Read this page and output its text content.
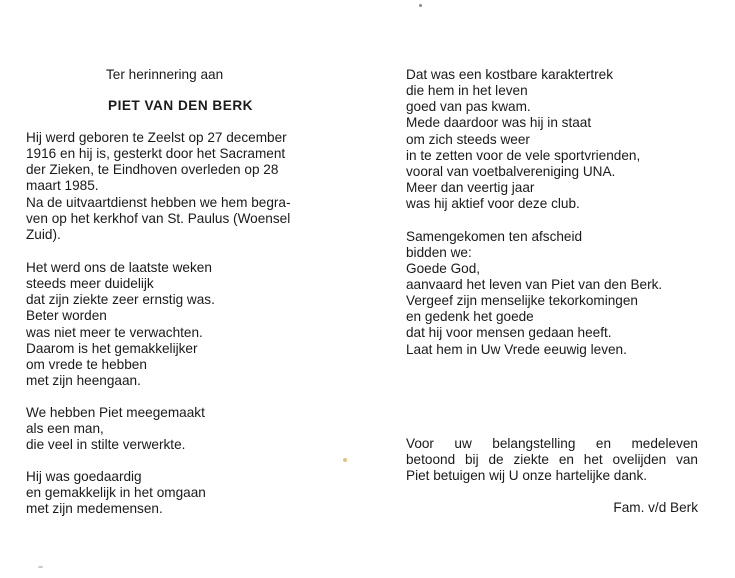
Ter herinnering aan
PIET VAN DEN BERK
Hij werd geboren te Zeelst op 27 december
1916 en hij is, gesterkt door het Sacrament
der Zieken, te Eindhoven overleden op 28
maart 1985.
Na de uitvaartdienst hebben we hem begra-
ven op het kerkhof van St. Paulus (Woensel
Zuid).
Het werd ons de laatste weken
steeds meer duidelijk
dat zijn ziekte zeer ernstig was.
Beter worden
was niet meer te verwachten.
Daarom is het gemakkelijker
om vrede te hebben
met zijn heengaan.
We hebben Piet meegemaakt
als een man,
die veel in stilte verwerkte.
Hij was goedaardig
en gemakkelijk in het omgaan
met zijn medemensen.
Dat was een kostbare karaktertrek
die hem in het leven
goed van pas kwam.
Mede daardoor was hij in staat
om zich steeds weer
in te zetten voor de vele sportvrienden,
vooral van voetbalvereniging UNA.
Meer dan veertig jaar
was hij aktief voor deze club.
Samengekomen ten afscheid
bidden we:
Goede God,
aanvaard het leven van Piet van den Berk.
Vergeef zijn menselijke tekorkomingen
en gedenk het goede
dat hij voor mensen gedaan heeft.
Laat hem in Uw Vrede eeuwig leven.
Voor uw belangstelling en medeleven
betoond bij de ziekte en het ovelijden van
Piet betuigen wij U onze hartelijke dank.
Fam. v/d Berk
